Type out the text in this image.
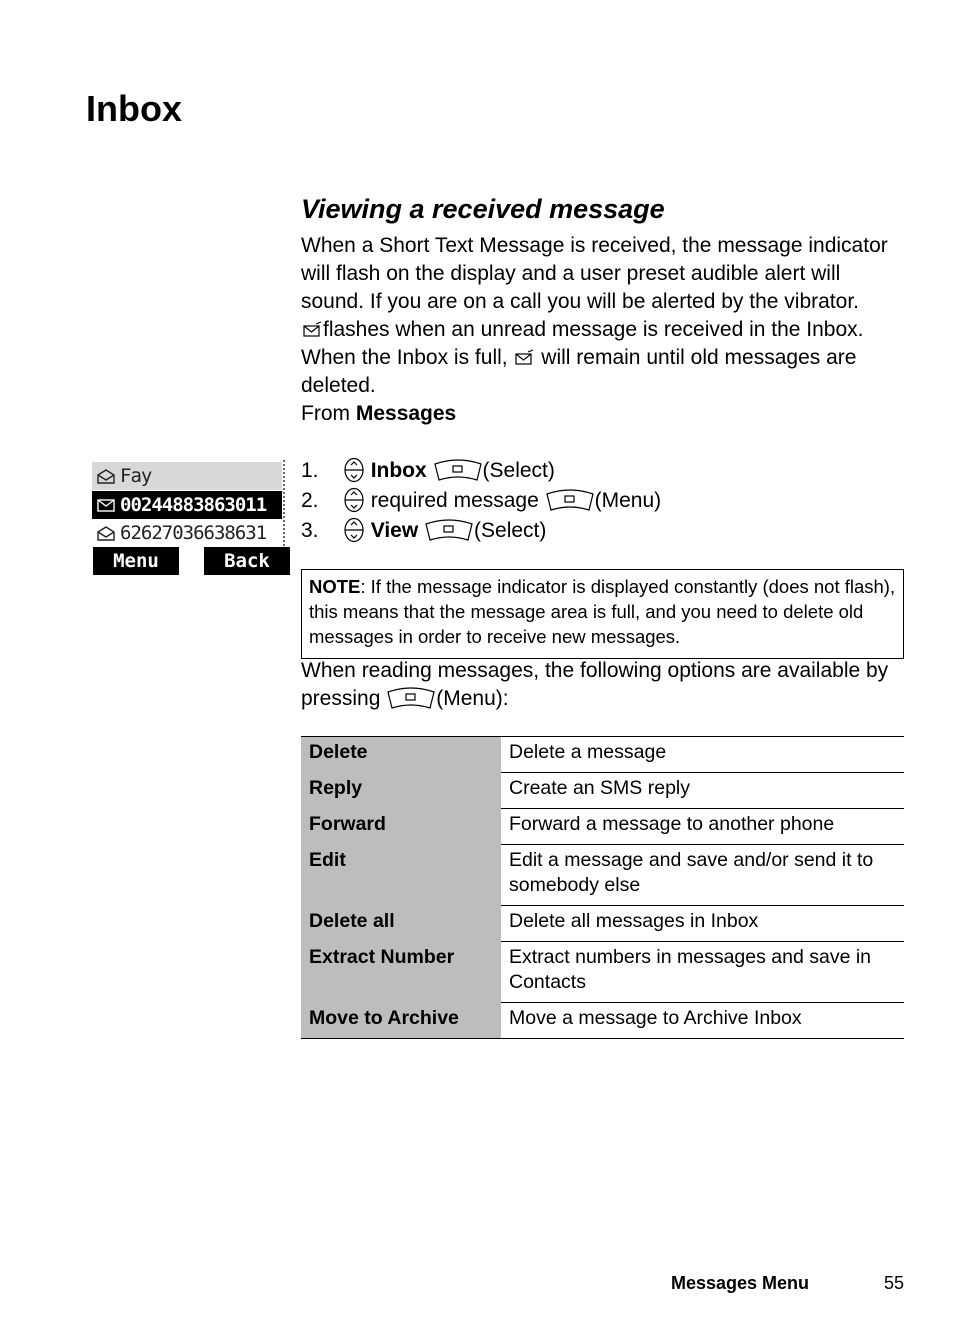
Inbox
Viewing a received message
When a Short Text Message is received, the message indicator will flash on the display and a user preset audible alert will sound. If you are on a call you will be alerted by the vibrator.
flashes when an unread message is received in the Inbox.
When the Inbox is full, will remain until old messages are deleted.
From Messages
Fay
00244883863011
62627036638631
Menu	Back
1. Inbox	(Select)
2. required message	(Menu)
3. View	(Select)
NOTE: If the message indicator is displayed constantly (does not flash), this means that the message area is full, and you need to delete old messages in order to receive new messages.
When reading messages, the following options are available by pressing	(Menu):
Delete	Delete a message
Reply	Create an SMS reply
Forward	Forward a message to another phone
Edit	Edit a message and save and/or send it to somebody else
Delete all	Delete all messages in Inbox
Extract Number	Extract numbers in messages and save in Contacts
Move to Archive	Move a message to Archive Inbox
Messages Menu	55
